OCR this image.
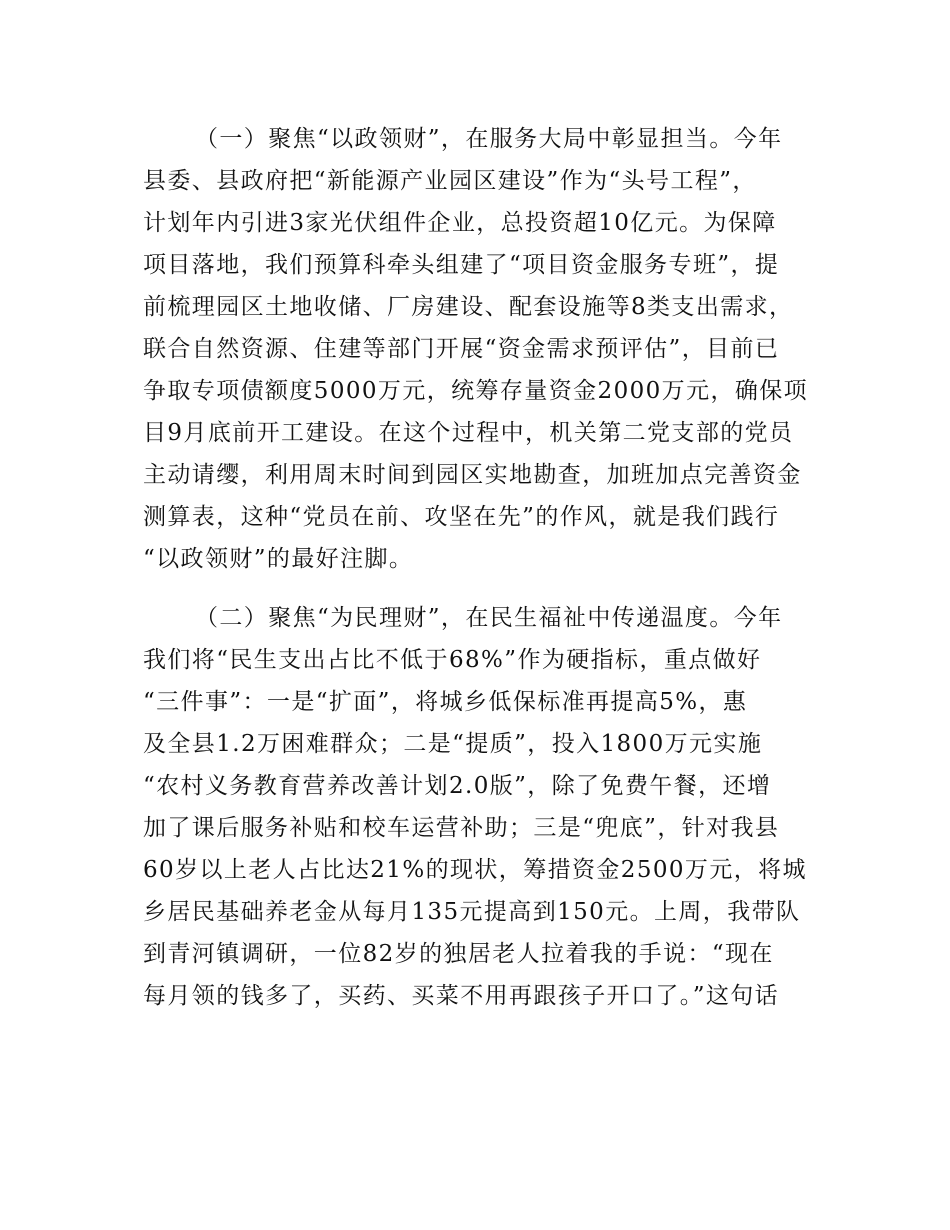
（一）聚焦“以政领财”，在服务大局中彰显担当。今年
县委、县政府把“新能源产业园区建设”作为“头号工程”，
计划年内引进3家光伏组件企业，总投资超10亿元。为保障
项目落地，我们预算科牵头组建了“项目资金服务专班”，提
前梳理园区土地收储、厂房建设、配套设施等8类支出需求，
联合自然资源、住建等部门开展“资金需求预评估”，目前已
争取专项债额度5000万元，统筹存量资金2000万元，确保项
目9月底前开工建设。在这个过程中，机关第二党支部的党员
主动请缨，利用周末时间到园区实地勘查，加班加点完善资金
测算表，这种“党员在前、攻坚在先”的作风，就是我们践行
“以政领财”的最好注脚。

（二）聚焦“为民理财”，在民生福祉中传递温度。今年
我们将“民生支出占比不低于68%”作为硬指标，重点做好
“三件事”：一是“扩面”，将城乡低保标准再提高5%，惠
及全县1.2万困难群众；二是“提质”，投入1800万元实施
“农村义务教育营养改善计划2.0版”，除了免费午餐，还增
加了课后服务补贴和校车运营补助；三是“兜底”，针对我县
60岁以上老人占比达21%的现状，筹措资金2500万元，将城
乡居民基础养老金从每月135元提高到150元。上周，我带队
到青河镇调研，一位82岁的独居老人拉着我的手说：“现在
每月领的钱多了，买药、买菜不用再跟孩子开口了。”这句话
